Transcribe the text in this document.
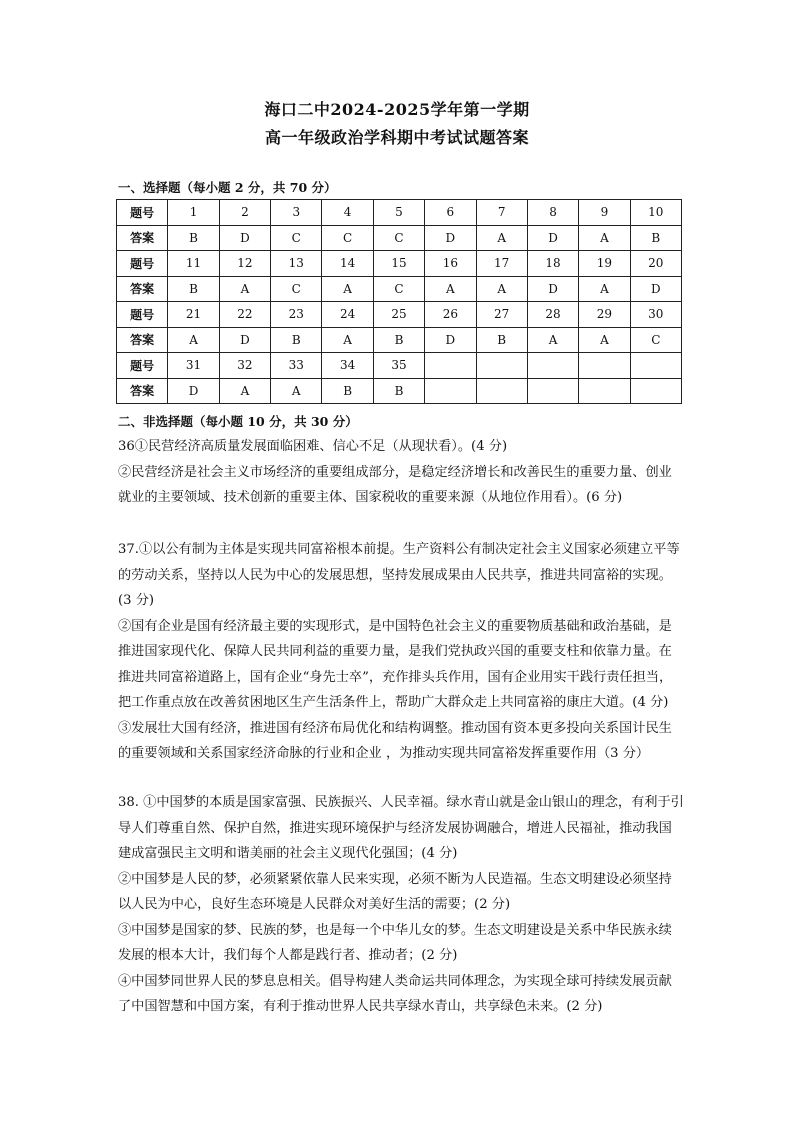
海口二中2024-2025学年第一学期
高一年级政治学科期中考试试题答案
一、选择题（每小题 2 分，共 70 分）
题号	1	2	3	4	5	6	7	8	9	10
答案	B	D	C	C	C	D	A	D	A	B
题号	11	12	13	14	15	16	17	18	19	20
答案	B	A	C	A	C	A	A	D	A	D
题号	21	22	23	24	25	26	27	28	29	30
答案	A	D	B	A	B	D	B	A	A	C
题号	31	32	33	34	35					
答案	D	A	A	B	B					
二、非选择题（每小题 10 分，共 30 分）

36①民营经济高质量发展面临困难、信心不足（从现状看）。(4 分)

②民营经济是社会主义市场经济的重要组成部分，是稳定经济增长和改善民生的重要力量、创业就业的主要领域、技术创新的重要主体、国家税收的重要来源（从地位作用看）。(6 分)

37.①以公有制为主体是实现共同富裕根本前提。生产资料公有制决定社会主义国家必须建立平等的劳动关系，坚持以人民为中心的发展思想，坚持发展成果由人民共享，推进共同富裕的实现。(3 分)

②国有企业是国有经济最主要的实现形式，是中国特色社会主义的重要物质基础和政治基础，是推进国家现代化、保障人民共同利益的重要力量，是我们党执政兴国的重要支柱和依靠力量。在推进共同富裕道路上，国有企业“身先士卒”，充作排头兵作用，国有企业用实干践行责任担当，把工作重点放在改善贫困地区生产生活条件上，帮助广大群众走上共同富裕的康庄大道。(4 分)

③发展壮大国有经济，推进国有经济布局优化和结构调整。推动国有资本更多投向关系国计民生的重要领域和关系国家经济命脉的行业和企业 ，为推动实现共同富裕发挥重要作用（3 分）

38. ①中国梦的本质是国家富强、民族振兴、人民幸福。绿水青山就是金山银山的理念，有利于引导人们尊重自然、保护自然，推进实现环境保护与经济发展协调融合，增进人民福祉，推动我国建成富强民主文明和谐美丽的社会主义现代化强国；(4 分)

②中国梦是人民的梦，必须紧紧依靠人民来实现，必须不断为人民造福。生态文明建设必须坚持以人民为中心，良好生态环境是人民群众对美好生活的需要；(2 分)

③中国梦是国家的梦、民族的梦，也是每一个中华儿女的梦。生态文明建设是关系中华民族永续发展的根本大计，我们每个人都是践行者、推动者；(2 分)

④中国梦同世界人民的梦息息相关。倡导构建人类命运共同体理念，为实现全球可持续发展贡献了中国智慧和中国方案，有利于推动世界人民共享绿水青山，共享绿色未来。(2 分)
